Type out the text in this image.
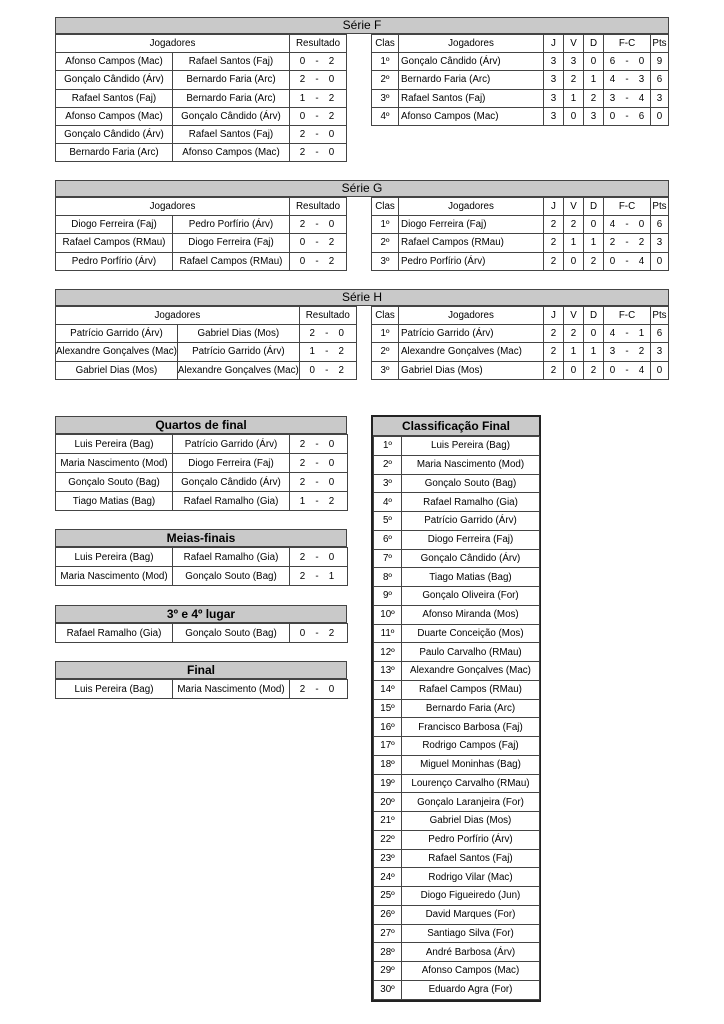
Série F
Jogadores		Resultado
Afonso Campos (Mac)	Rafael Santos (Faj)	0 - 2
Gonçalo Cândido (Árv)	Bernardo Faria (Arc)	2 - 0
Rafael Santos (Faj)	Bernardo Faria (Arc)	1 - 2
Afonso Campos (Mac)	Gonçalo Cândido (Árv)	0 - 2
Gonçalo Cândido (Árv)	Rafael Santos (Faj)	2 - 0
Bernardo Faria (Arc)	Afonso Campos (Mac)	2 - 0
Clas	Jogadores	J	V	D	F-C	Pts
1º	Gonçalo Cândido (Árv)	3	3	0	6 - 0	9
2º	Bernardo Faria (Arc)	3	2	1	4 - 3	6
3º	Rafael Santos (Faj)	3	1	2	3 - 4	3
4º	Afonso Campos (Mac)	3	0	3	0 - 6	0
Série G
Jogadores		Resultado
Diogo Ferreira (Faj)	Pedro Porfírio (Árv)	2 - 0
Rafael Campos (RMau)	Diogo Ferreira (Faj)	0 - 2
Pedro Porfírio (Árv)	Rafael Campos (RMau)	0 - 2
Clas	Jogadores	J	V	D	F-C	Pts
1º	Diogo Ferreira (Faj)	2	2	0	4 - 0	6
2º	Rafael Campos (RMau)	2	1	1	2 - 2	3
3º	Pedro Porfírio (Árv)	2	0	2	0 - 4	0
Série H
Jogadores		Resultado
Patrício Garrido (Árv)	Gabriel Dias (Mos)	2 - 0
Alexandre Gonçalves (Mac)	Patrício Garrido (Árv)	1 - 2
Gabriel Dias (Mos)	Alexandre Gonçalves (Mac)	0 - 2
Clas	Jogadores	J	V	D	F-C	Pts
1º	Patrício Garrido (Árv)	2	2	0	4 - 1	6
2º	Alexandre Gonçalves (Mac)	2	1	1	3 - 2	3
3º	Gabriel Dias (Mos)	2	0	2	0 - 4	0
Quartos de final
Luis Pereira (Bag)	Patrício Garrido (Árv)	2 - 0
Maria Nascimento (Mod)	Diogo Ferreira (Faj)	2 - 0
Gonçalo Souto (Bag)	Gonçalo Cândido (Árv)	2 - 0
Tiago Matias (Bag)	Rafael Ramalho (Gia)	1 - 2
Meias-finais
Luis Pereira (Bag)	Rafael Ramalho (Gia)	2 - 0
Maria Nascimento (Mod)	Gonçalo Souto (Bag)	2 - 1
3º e 4º lugar
Rafael Ramalho (Gia)	Gonçalo Souto (Bag)	0 - 2
Final
Luis Pereira (Bag)	Maria Nascimento (Mod)	2 - 0
Classificação Final
1º	Luis Pereira (Bag)
2º	Maria Nascimento (Mod)
3º	Gonçalo Souto (Bag)
4º	Rafael Ramalho (Gia)
5º	Patrício Garrido (Árv)
6º	Diogo Ferreira (Faj)
7º	Gonçalo Cândido (Árv)
8º	Tiago Matias (Bag)
9º	Gonçalo Oliveira (For)
10º	Afonso Miranda (Mos)
11º	Duarte Conceição (Mos)
12º	Paulo Carvalho (RMau)
13º	Alexandre Gonçalves (Mac)
14º	Rafael Campos (RMau)
15º	Bernardo Faria (Arc)
16º	Francisco Barbosa (Faj)
17º	Rodrigo Campos (Faj)
18º	Miguel Moninhas (Bag)
19º	Lourenço Carvalho (RMau)
20º	Gonçalo Laranjeira (For)
21º	Gabriel Dias (Mos)
22º	Pedro Porfírio (Árv)
23º	Rafael Santos (Faj)
24º	Rodrigo Vilar (Mac)
25º	Diogo Figueiredo (Jun)
26º	David Marques (For)
27º	Santiago Silva (For)
28º	André Barbosa (Árv)
29º	Afonso Campos (Mac)
30º	Eduardo Agra (For)
